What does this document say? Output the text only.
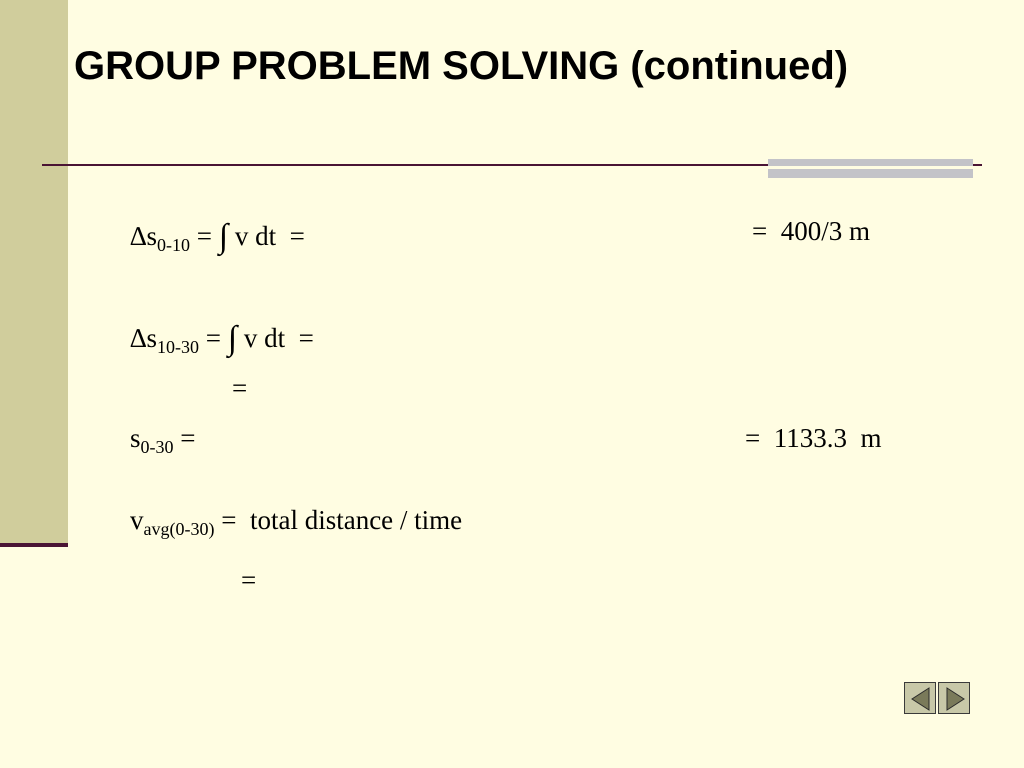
GROUP PROBLEM SOLVING (continued)
$\Delta s_{0-10}$ = ∫ v dt  =	=  400/3 m
$\Delta s_{10-30}$ = ∫ v dt  =
=
$s_{0-30}$ =	=  1133.3  m
$v_{avg(0-30)}$ =  total distance / time
=
